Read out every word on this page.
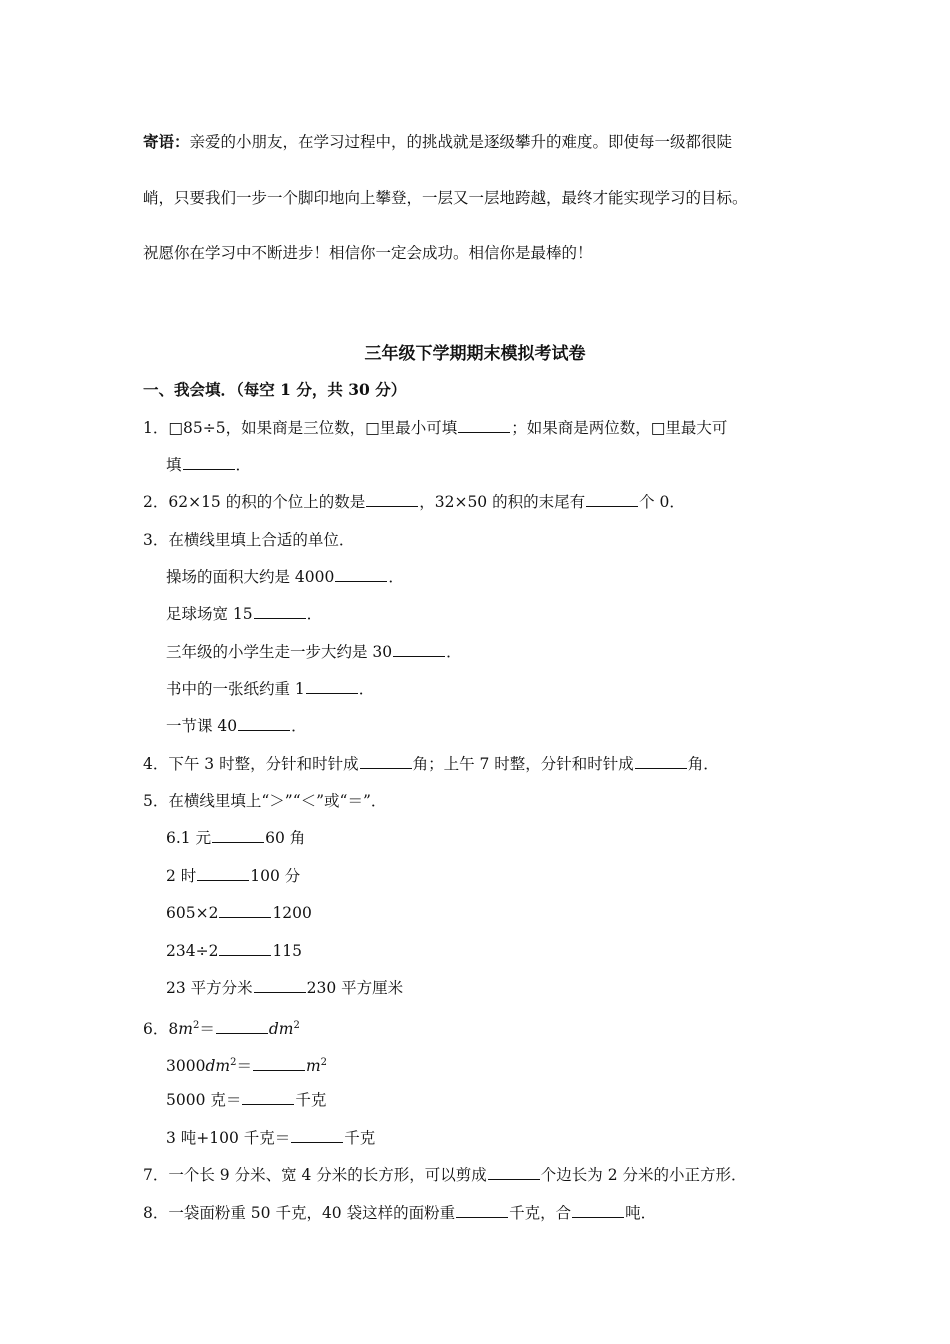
寄语：亲爱的小朋友，在学习过程中，的挑战就是逐级攀升的难度。即使每一级都很陡
峭，只要我们一步一个脚印地向上攀登，一层又一层地跨越，最终才能实现学习的目标。
祝愿你在学习中不断进步！相信你一定会成功。相信你是最棒的！
三年级下学期期末模拟考试卷
一、我会填．（每空 1 分，共 30 分）
1．□85÷5，如果商是三位数，□里最小可填	；如果商是两位数，□里最大可
填	．
2．62×15 的积的个位上的数是	，32×50 的积的末尾有	个 0．
3．在横线里填上合适的单位．
操场的面积大约是 4000	．
足球场宽 15	．
三年级的小学生走一步大约是 30	．
书中的一张纸约重 1	．
一节课 40	．
4．下午 3 时整，分针和时针成	角；上午 7 时整，分针和时针成	角．
5．在横线里填上“＞”“＜”或“＝”．
6.1 元	60 角
2 时	100 分
605×2	1200
234÷2	115
23 平方分米	230 平方厘米
6．$8m^2=$	$dm^2$
$3000dm^2=$	$m^2$
5000 克＝	千克
3 吨+100 千克＝	千克
7．一个长 9 分米、宽 4 分米的长方形，可以剪成	个边长为 2 分米的小正方形．
8．一袋面粉重 50 千克，40 袋这样的面粉重	千克，合	吨．
